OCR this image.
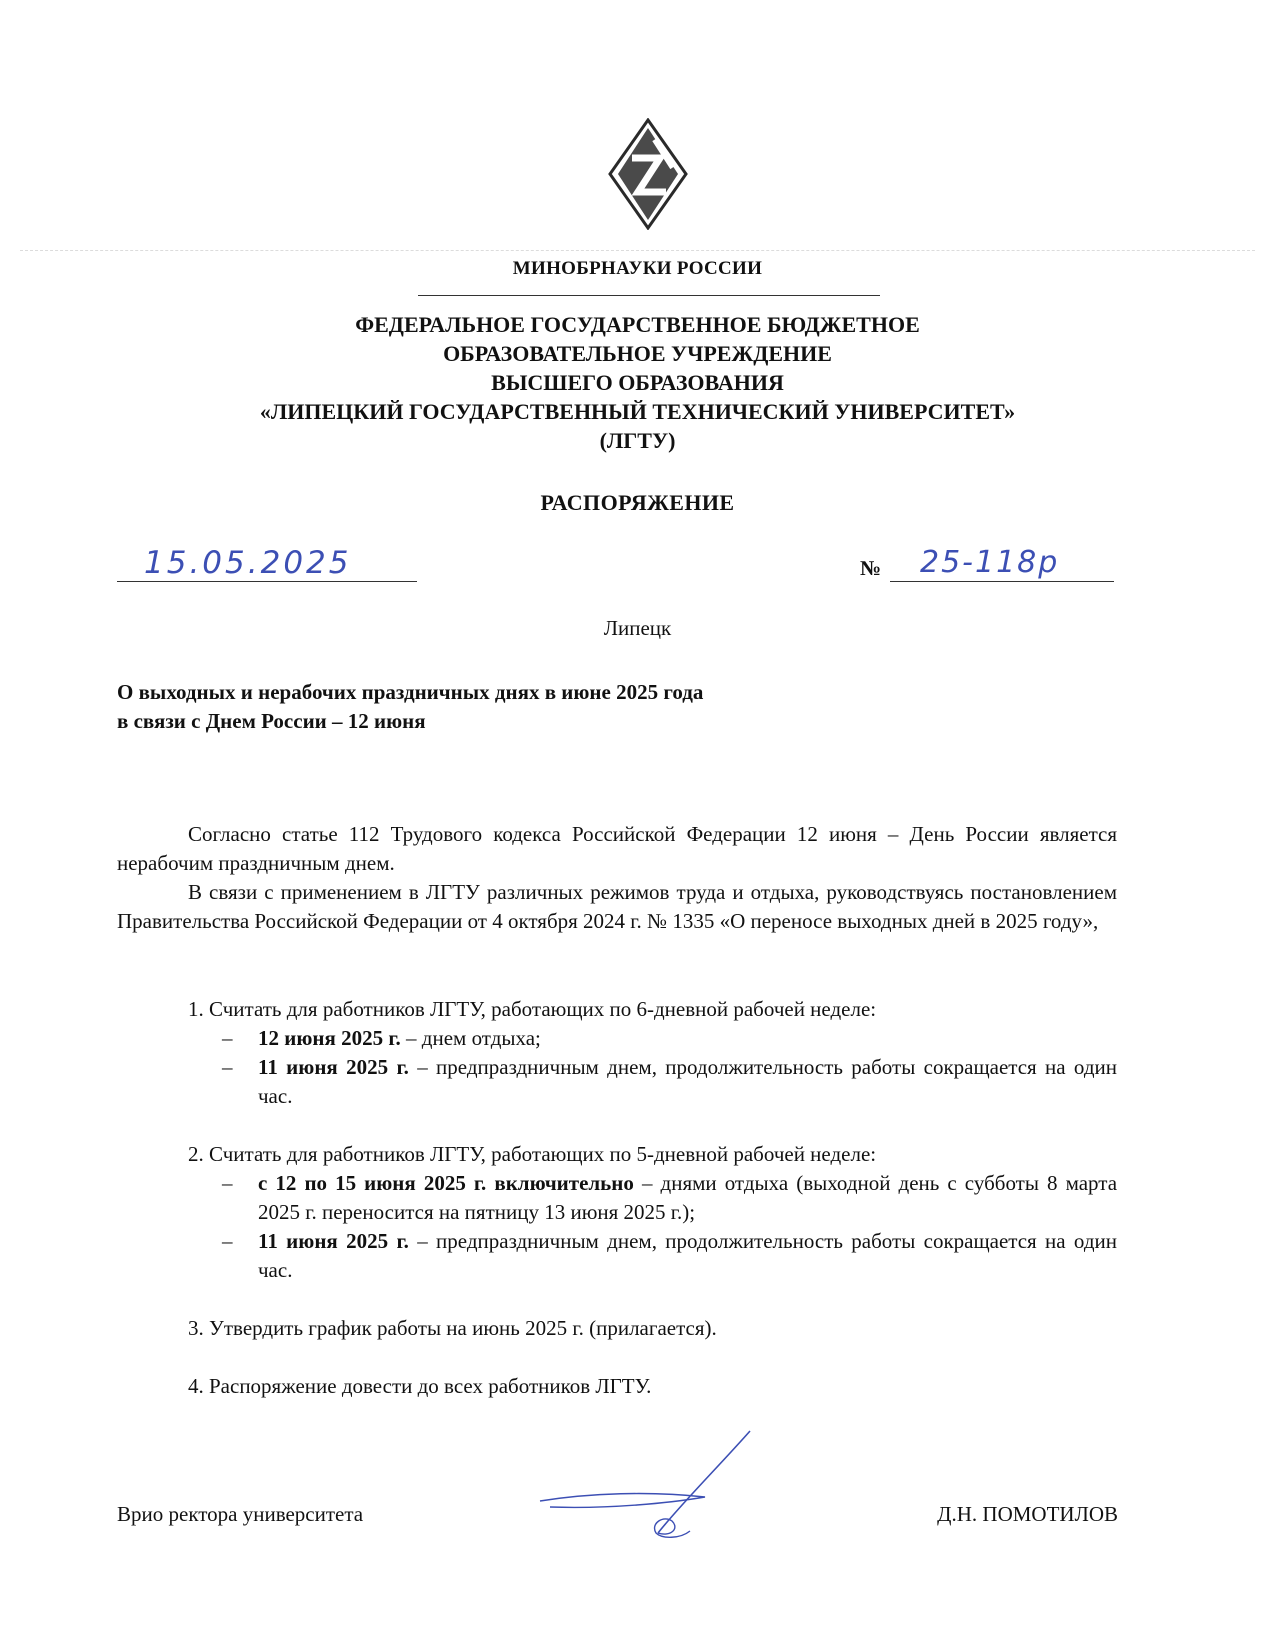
МИНОБРНАУКИ РОССИИ
ФЕДЕРАЛЬНОЕ ГОСУДАРСТВЕННОЕ БЮДЖЕТНОЕ
ОБРАЗОВАТЕЛЬНОЕ УЧРЕЖДЕНИЕ
ВЫСШЕГО ОБРАЗОВАНИЯ
«ЛИПЕЦКИЙ ГОСУДАРСТВЕННЫЙ ТЕХНИЧЕСКИЙ УНИВЕРСИТЕТ»
(ЛГТУ)
РАСПОРЯЖЕНИЕ
15.05.2025	№ 25-118р
Липецк
О выходных и нерабочих праздничных днях в июне 2025 года
в связи с Днем России – 12 июня

Согласно статье 112 Трудового кодекса Российской Федерации 12 июня – День России является нерабочим праздничным днем.

В связи с применением в ЛГТУ различных режимов труда и отдыха, руководствуясь постановлением Правительства Российской Федерации от 4 октября 2024 г. № 1335 «О переносе выходных дней в 2025 году»,

1. Считать для работников ЛГТУ, работающих по 6-дневной рабочей неделе:
– 12 июня 2025 г. – днем отдыха;
– 11 июня 2025 г. – предпраздничным днем, продолжительность работы сокращается на один час.
2. Считать для работников ЛГТУ, работающих по 5-дневной рабочей неделе:
– с 12 по 15 июня 2025 г. включительно – днями отдыха (выходной день с субботы 8 марта 2025 г. переносится на пятницу 13 июня 2025 г.);
– 11 июня 2025 г. – предпраздничным днем, продолжительность работы сокращается на один час.
3. Утвердить график работы на июнь 2025 г. (прилагается).
4. Распоряжение довести до всех работников ЛГТУ.
Врио ректора университета	Д.Н. ПОМОТИЛОВ
